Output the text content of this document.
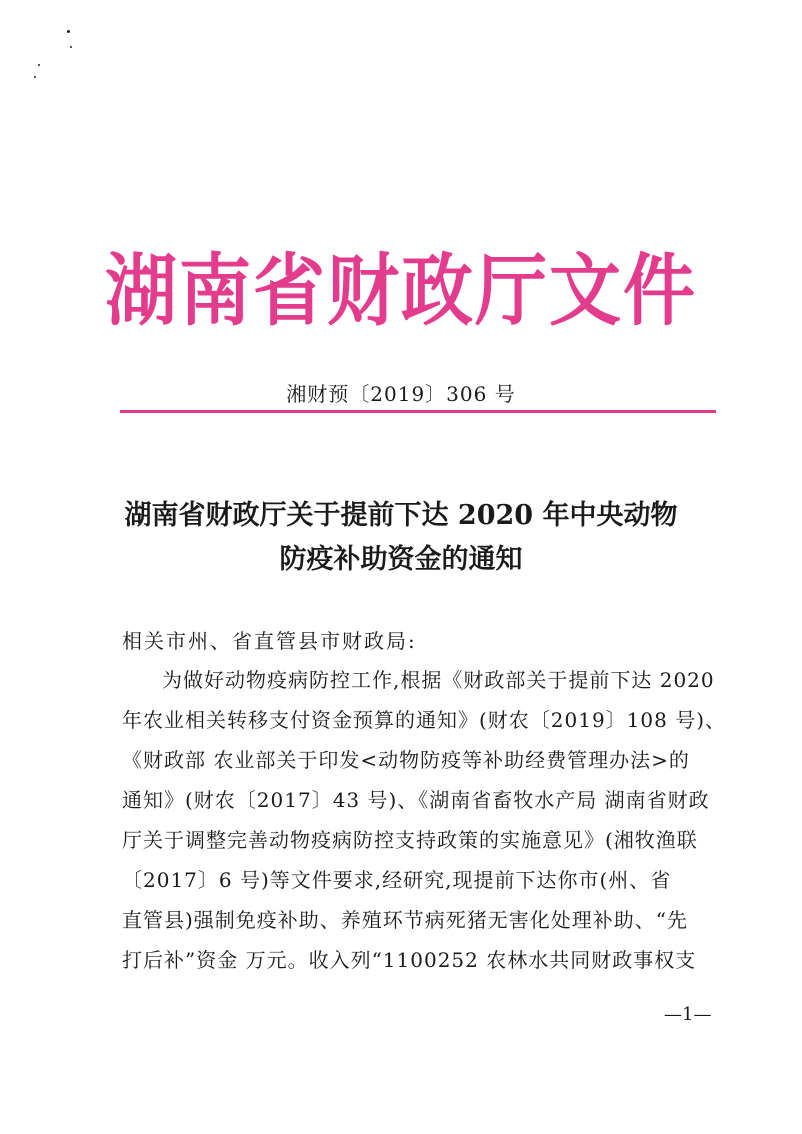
湖南省财政厅文件
湘财预〔2019〕306 号
湖南省财政厅关于提前下达 2020 年中央动物
防疫补助资金的通知
相关市州、省直管县市财政局:
为做好动物疫病防控工作,根据《财政部关于提前下达 2020
年农业相关转移支付资金预算的通知》(财农〔2019〕108 号)、
《财政部 农业部关于印发<动物防疫等补助经费管理办法>的
通知》(财农〔2017〕43 号)、《湖南省畜牧水产局 湖南省财政
厅关于调整完善动物疫病防控支持政策的实施意见》(湘牧渔联
〔2017〕6 号)等文件要求,经研究,现提前下达你市(州、省
直管县)强制免疫补助、养殖环节病死猪无害化处理补助、“先
打后补”资金 万元。收入列“1100252 农林水共同财政事权支
—1—
